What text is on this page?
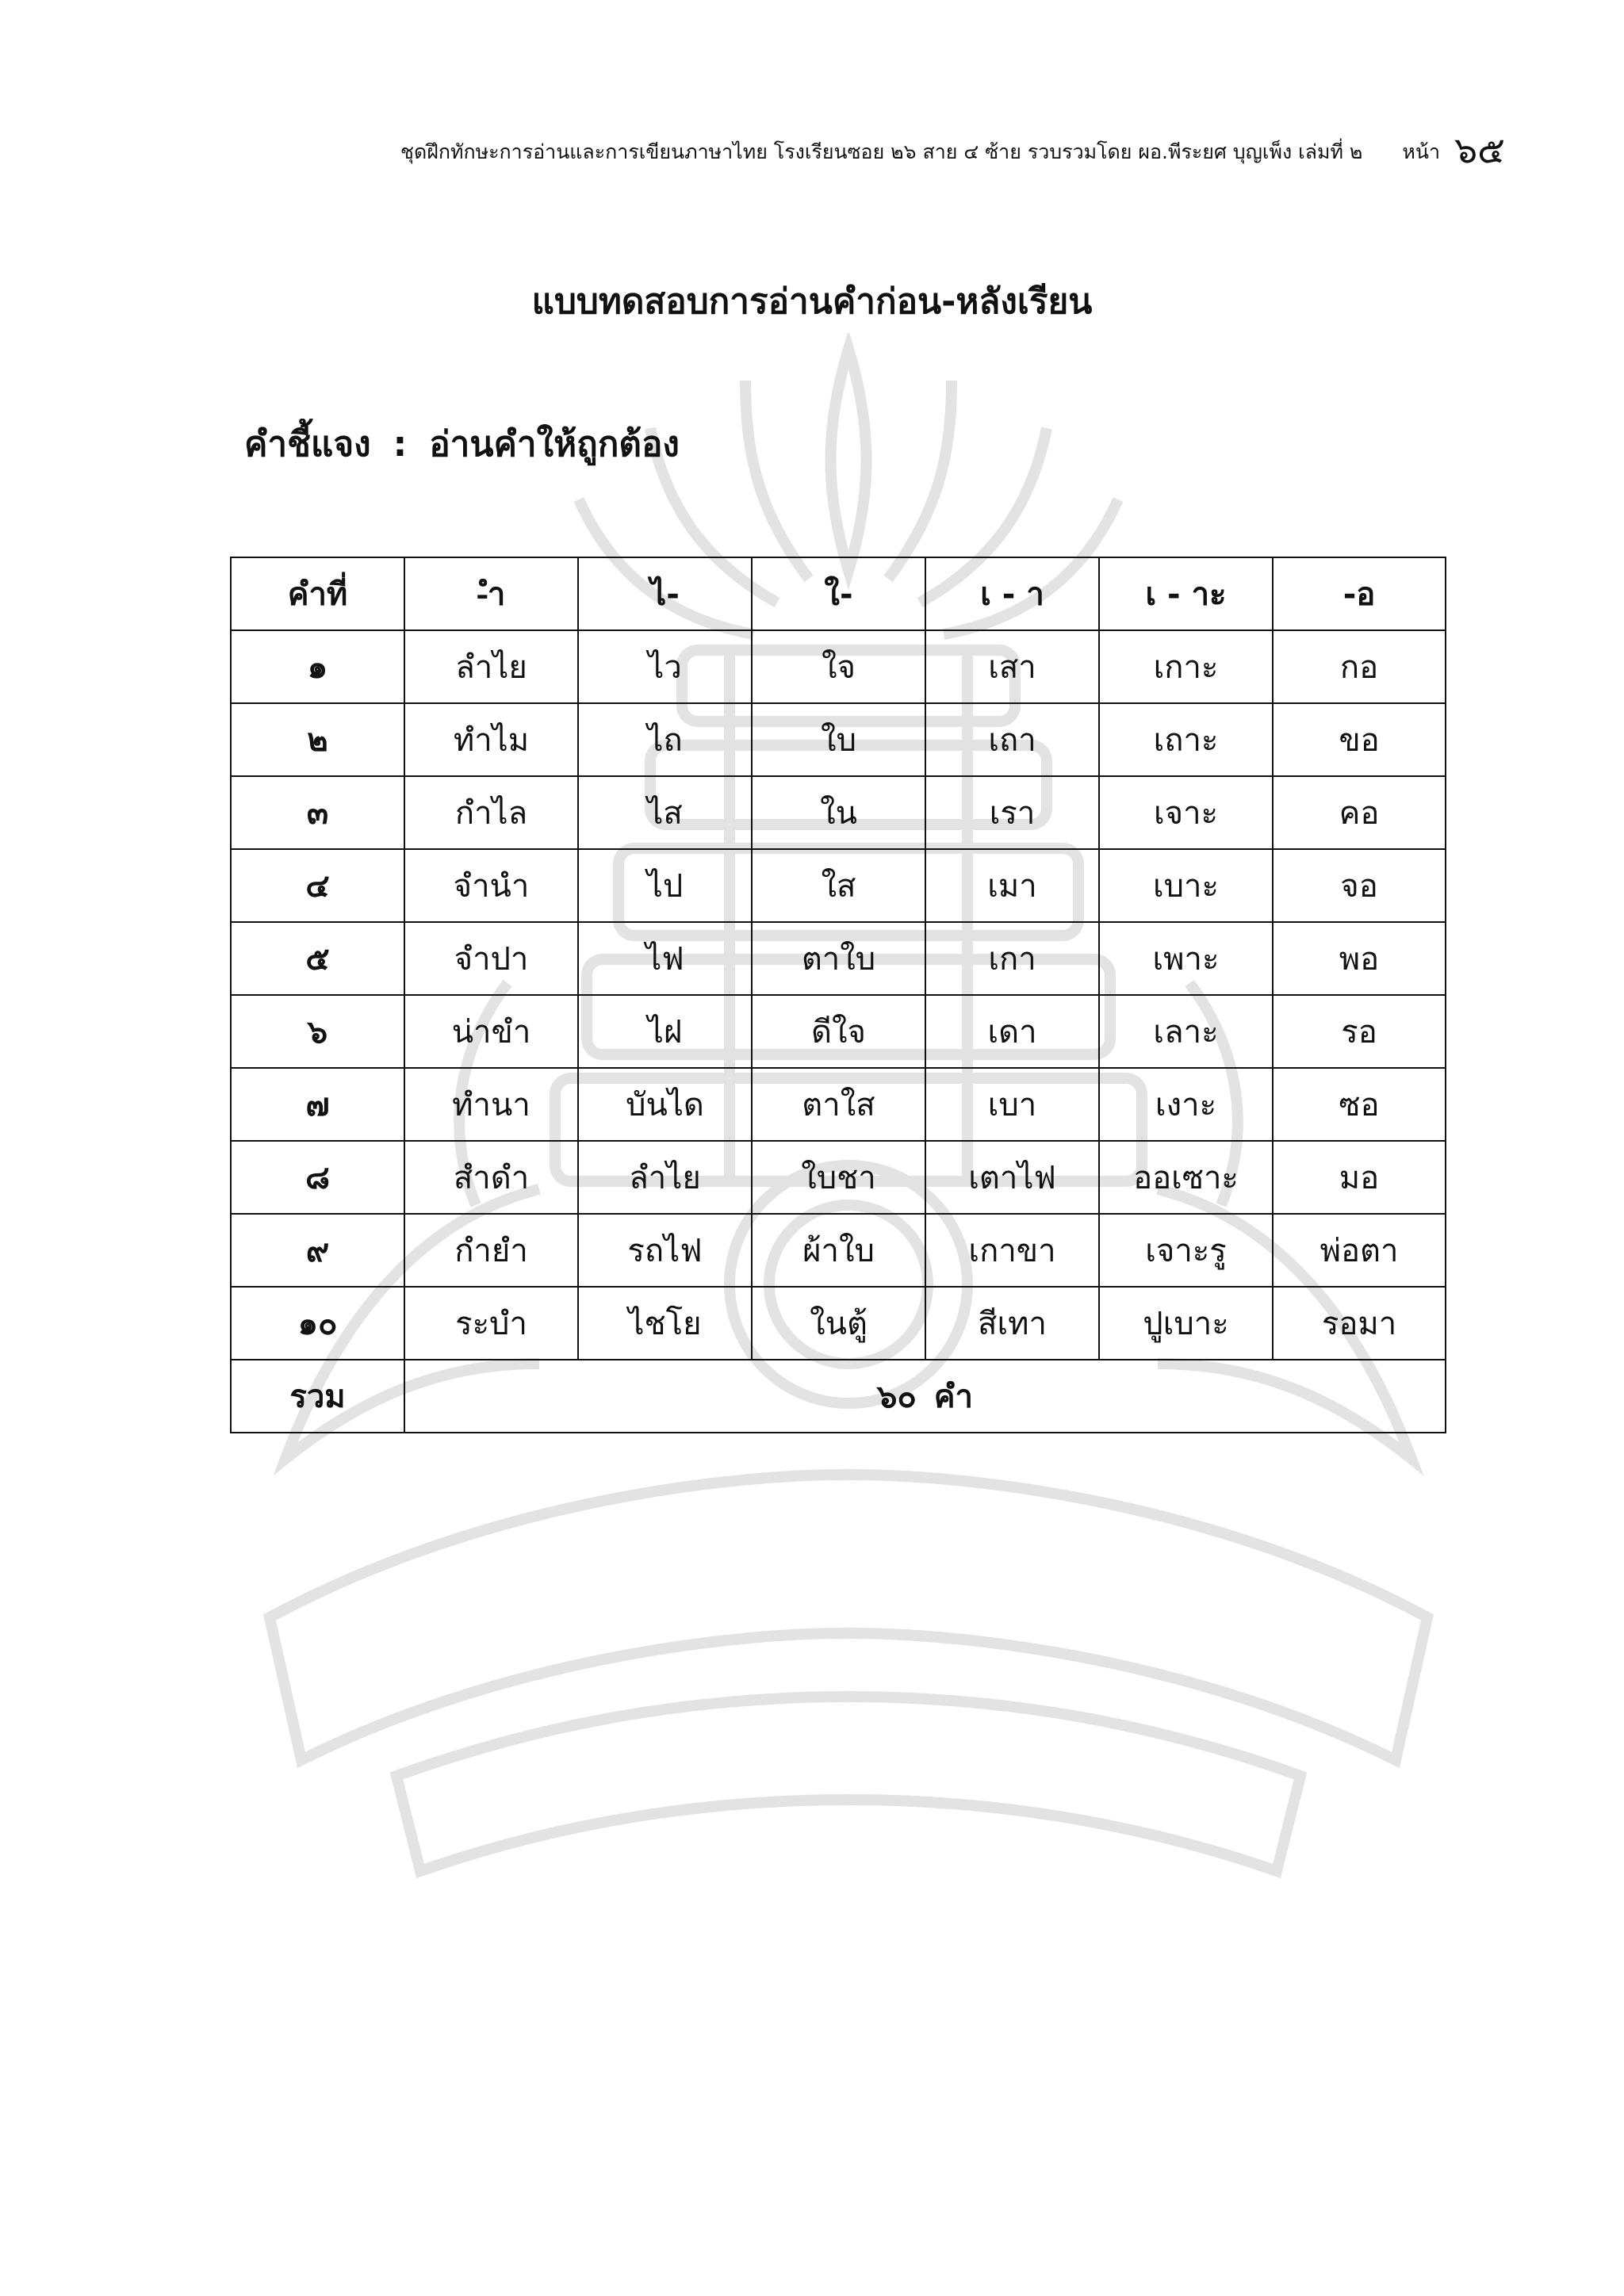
ชุดฝึกทักษะการอ่านและการเขียนภาษาไทย โรงเรียนซอย ๒๖ สาย ๔ ซ้าย รวบรวมโดย ผอ.พีระยศ บุญเพ็ง เล่มที่ ๒ หน้า ๖๕
แบบทดสอบการอ่านคำก่อน-หลังเรียน
คำชี้แจง : อ่านคำให้ถูกต้อง
คำที่	-ำ	ไ-	ใ-	เ - า	เ - าะ	-อ
๑	ลำไย	ไว	ใจ	เสา	เกาะ	กอ
๒	ทำไม	ไถ	ใบ	เถา	เถาะ	ขอ
๓	กำไล	ไส	ใน	เรา	เจาะ	คอ
๔	จำนำ	ไป	ใส	เมา	เบาะ	จอ
๕	จำปา	ไฟ	ตาใบ	เกา	เพาะ	พอ
๖	น่าขำ	ไฝ	ดีใจ	เดา	เลาะ	รอ
๗	ทำนา	บันได	ตาใส	เบา	เงาะ	ซอ
๘	สำดำ	ลำไย	ใบชา	เตาไฟ	ออเซาะ	มอ
๙	กำยำ	รถไฟ	ผ้าใบ	เกาขา	เจาะรู	พ่อตา
๑๐	ระบำ	ไชโย	ในตู้	สีเทา	ปูเบาะ	รอมา
รวม	๖๐ คำ					
